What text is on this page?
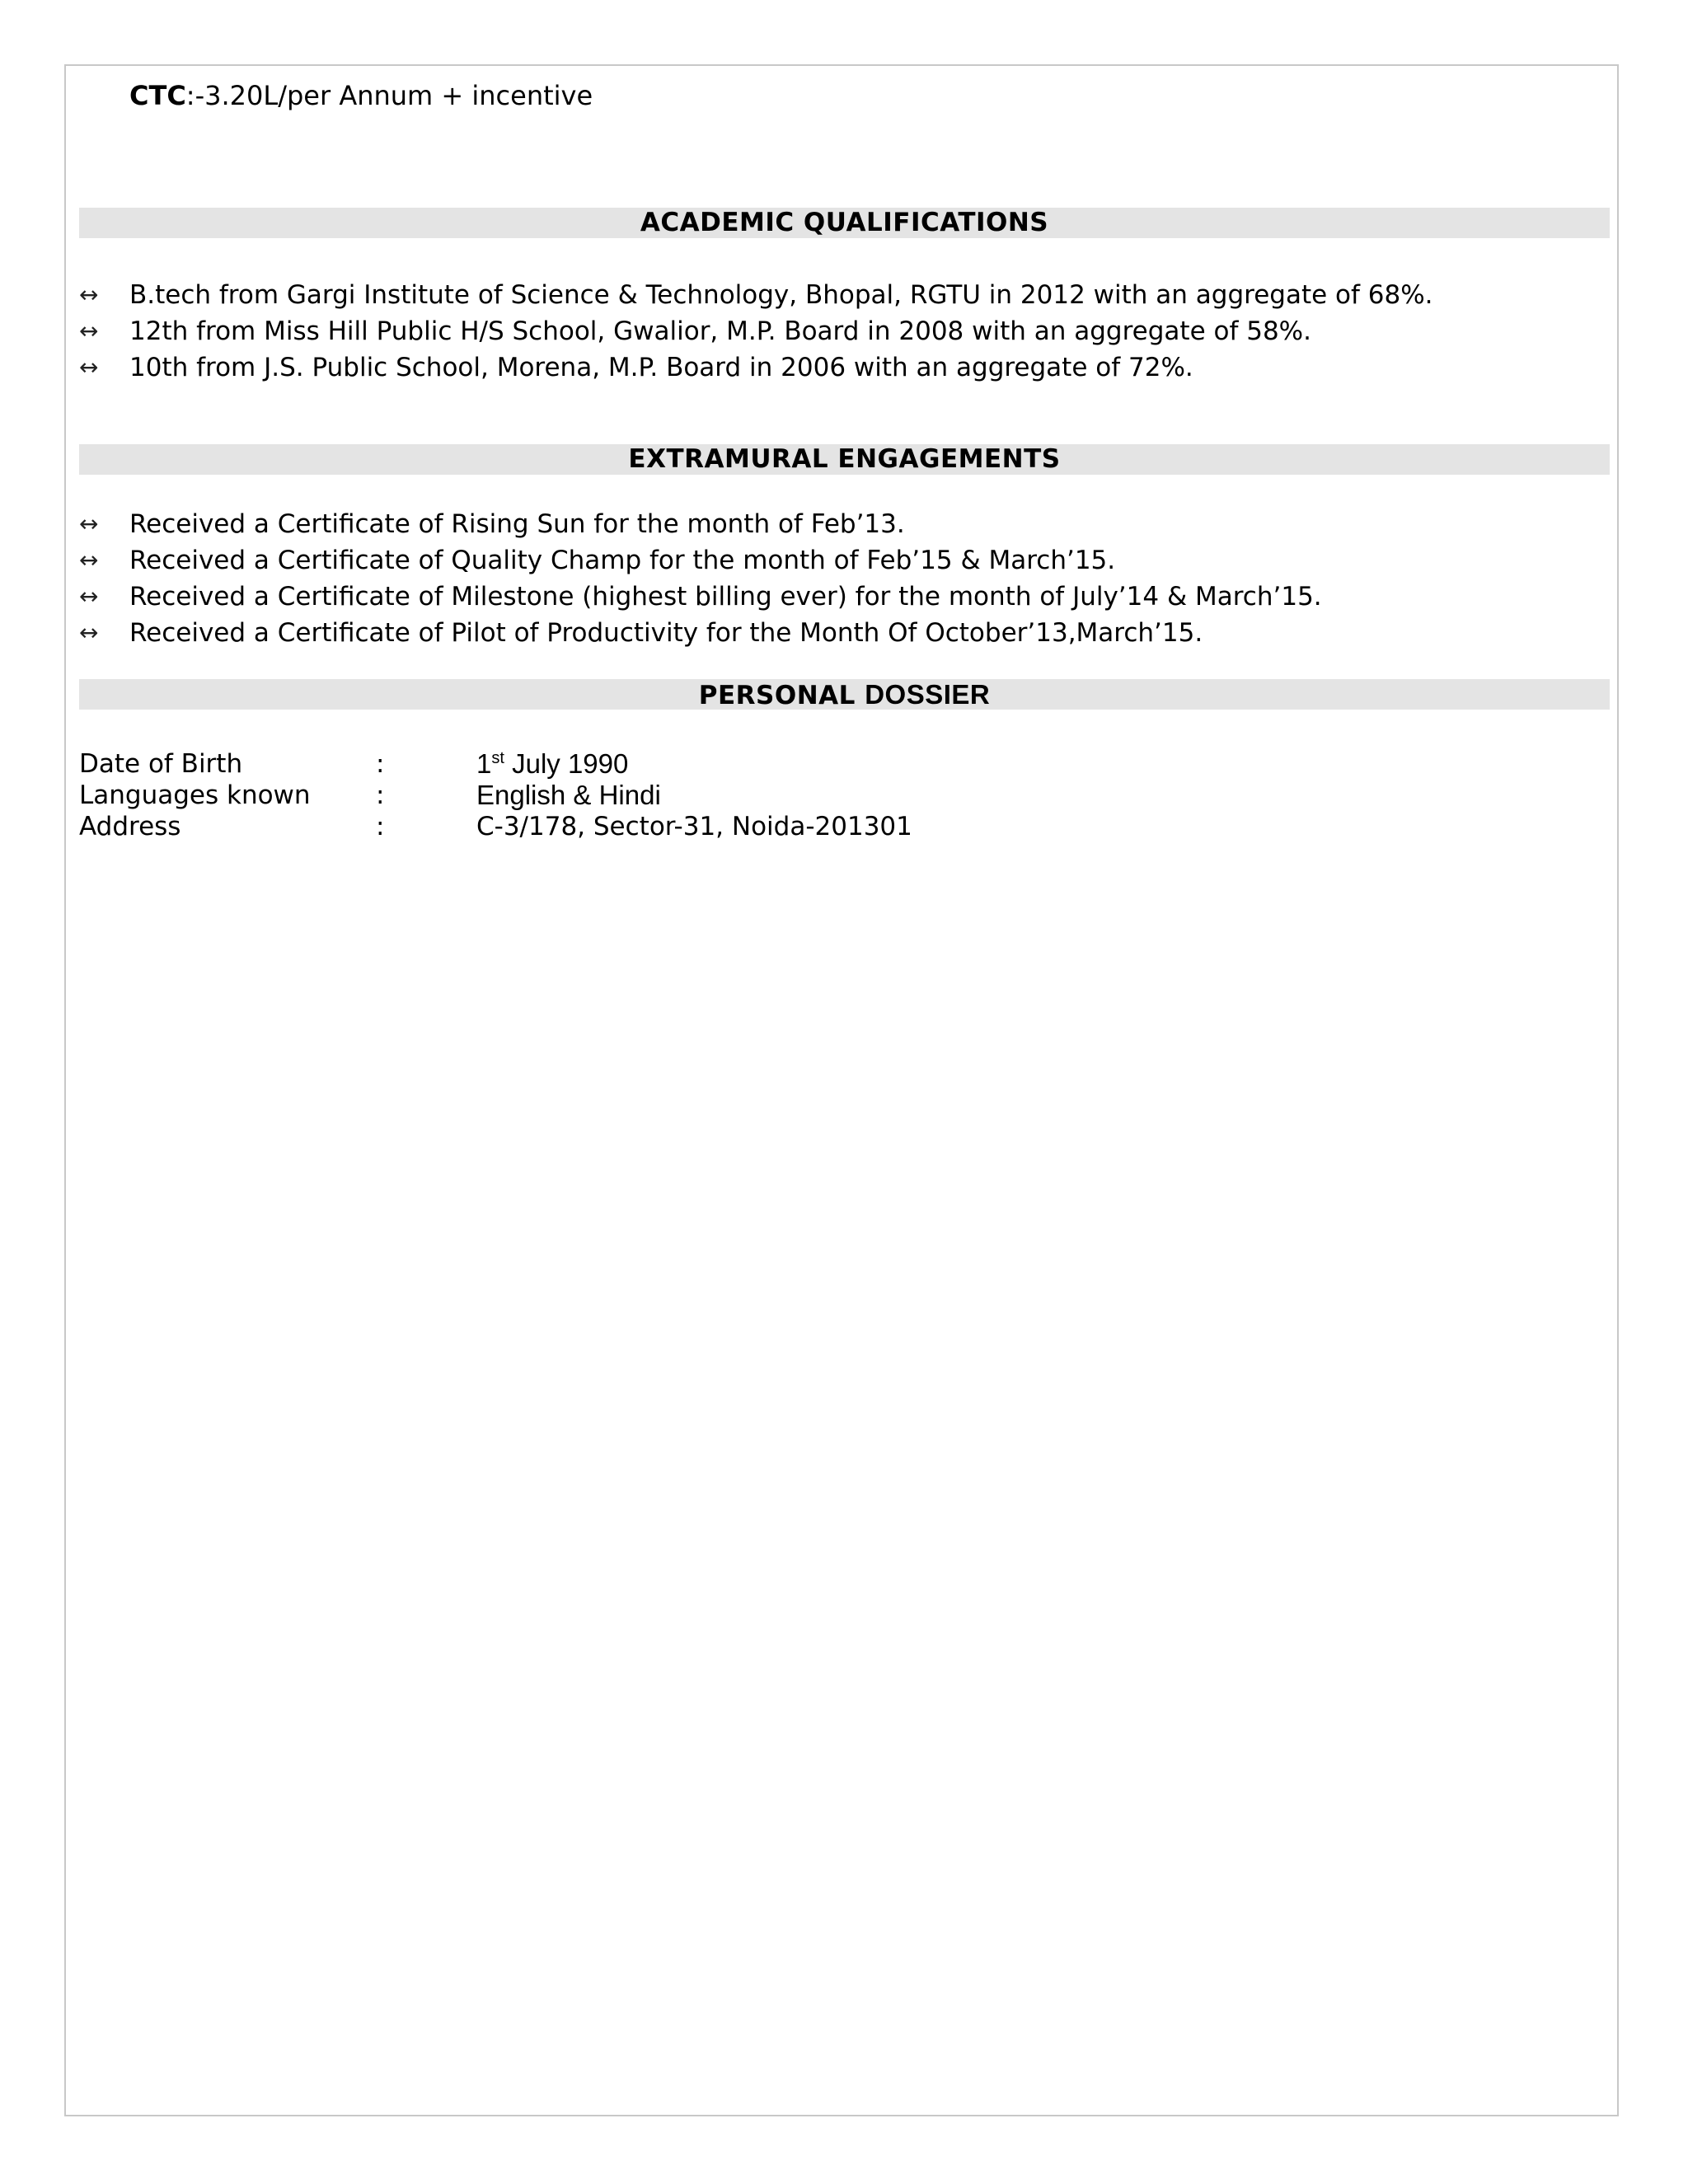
CTC:-3.20L/per Annum + incentive
ACADEMIC QUALIFICATIONS
↔	B.tech from Gargi Institute of Science & Technology, Bhopal, RGTU in 2012 with an aggregate of 68%.
↔	12th from Miss Hill Public H/S School, Gwalior, M.P. Board in 2008 with an aggregate of 58%.
↔	10th from J.S. Public School, Morena, M.P. Board in 2006 with an aggregate of 72%.
EXTRAMURAL ENGAGEMENTS
↔	Received a Certificate of Rising Sun for the month of Feb’13.
↔	Received a Certificate of Quality Champ for the month of Feb’15 & March’15.
↔	Received a Certificate of Milestone (highest billing ever) for the month of July’14 & March’15.
↔	Received a Certificate of Pilot of Productivity for the Month Of October’13,March’15.
PERSONAL DOSSIER
Date of Birth	:	1st July 1990
Languages known	:	English & Hindi
Address	:	C-3/178, Sector-31, Noida-201301
